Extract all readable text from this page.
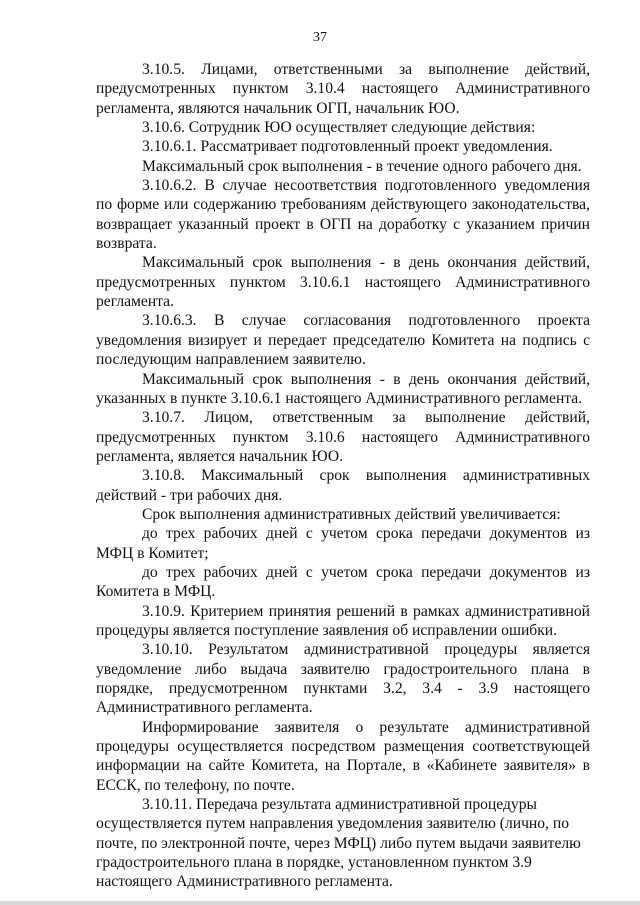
37

3.10.5. Лицами, ответственными за выполнение действий, предусмотренных пунктом 3.10.4 настоящего Административного регламента, являются начальник ОГП, начальник ЮО.

3.10.6. Сотрудник ЮО осуществляет следующие действия:

3.10.6.1. Рассматривает подготовленный проект уведомления.

Максимальный срок выполнения - в течение одного рабочего дня.

3.10.6.2. В случае несоответствия подготовленного уведомления по форме или содержанию требованиям действующего законодательства, возвращает указанный проект в ОГП на доработку с указанием причин возврата.

Максимальный срок выполнения - в день окончания действий, предусмотренных пунктом 3.10.6.1 настоящего Административного регламента.

3.10.6.3. В случае согласования подготовленного проекта уведомления визирует и передает председателю Комитета на подпись с последующим направлением заявителю.

Максимальный срок выполнения - в день окончания действий, указанных в пункте 3.10.6.1 настоящего Административного регламента.

3.10.7. Лицом, ответственным за выполнение действий, предусмотренных пунктом 3.10.6 настоящего Административного регламента, является начальник ЮО.

3.10.8. Максимальный срок выполнения административных действий - три рабочих дня.

Срок выполнения административных действий увеличивается:

до трех рабочих дней с учетом срока передачи документов из МФЦ в Комитет;

до трех рабочих дней с учетом срока передачи документов из Комитета в МФЦ.

3.10.9. Критерием принятия решений в рамках административной процедуры является поступление заявления об исправлении ошибки.

3.10.10. Результатом административной процедуры является уведомление либо выдача заявителю градостроительного плана в порядке, предусмотренном пунктами 3.2, 3.4 - 3.9 настоящего Административного регламента.

Информирование заявителя о результате административной процедуры осуществляется посредством размещения соответствующей информации на сайте Комитета, на Портале, в «Кабинете заявителя» в ЕССК, по телефону, по почте.

3.10.11. Передача результата административной процедуры осуществляется путем направления уведомления заявителю (лично, по почте, по электронной почте, через МФЦ) либо путем выдачи заявителю градостроительного плана в порядке, установленном пунктом 3.9 настоящего Административного регламента.
